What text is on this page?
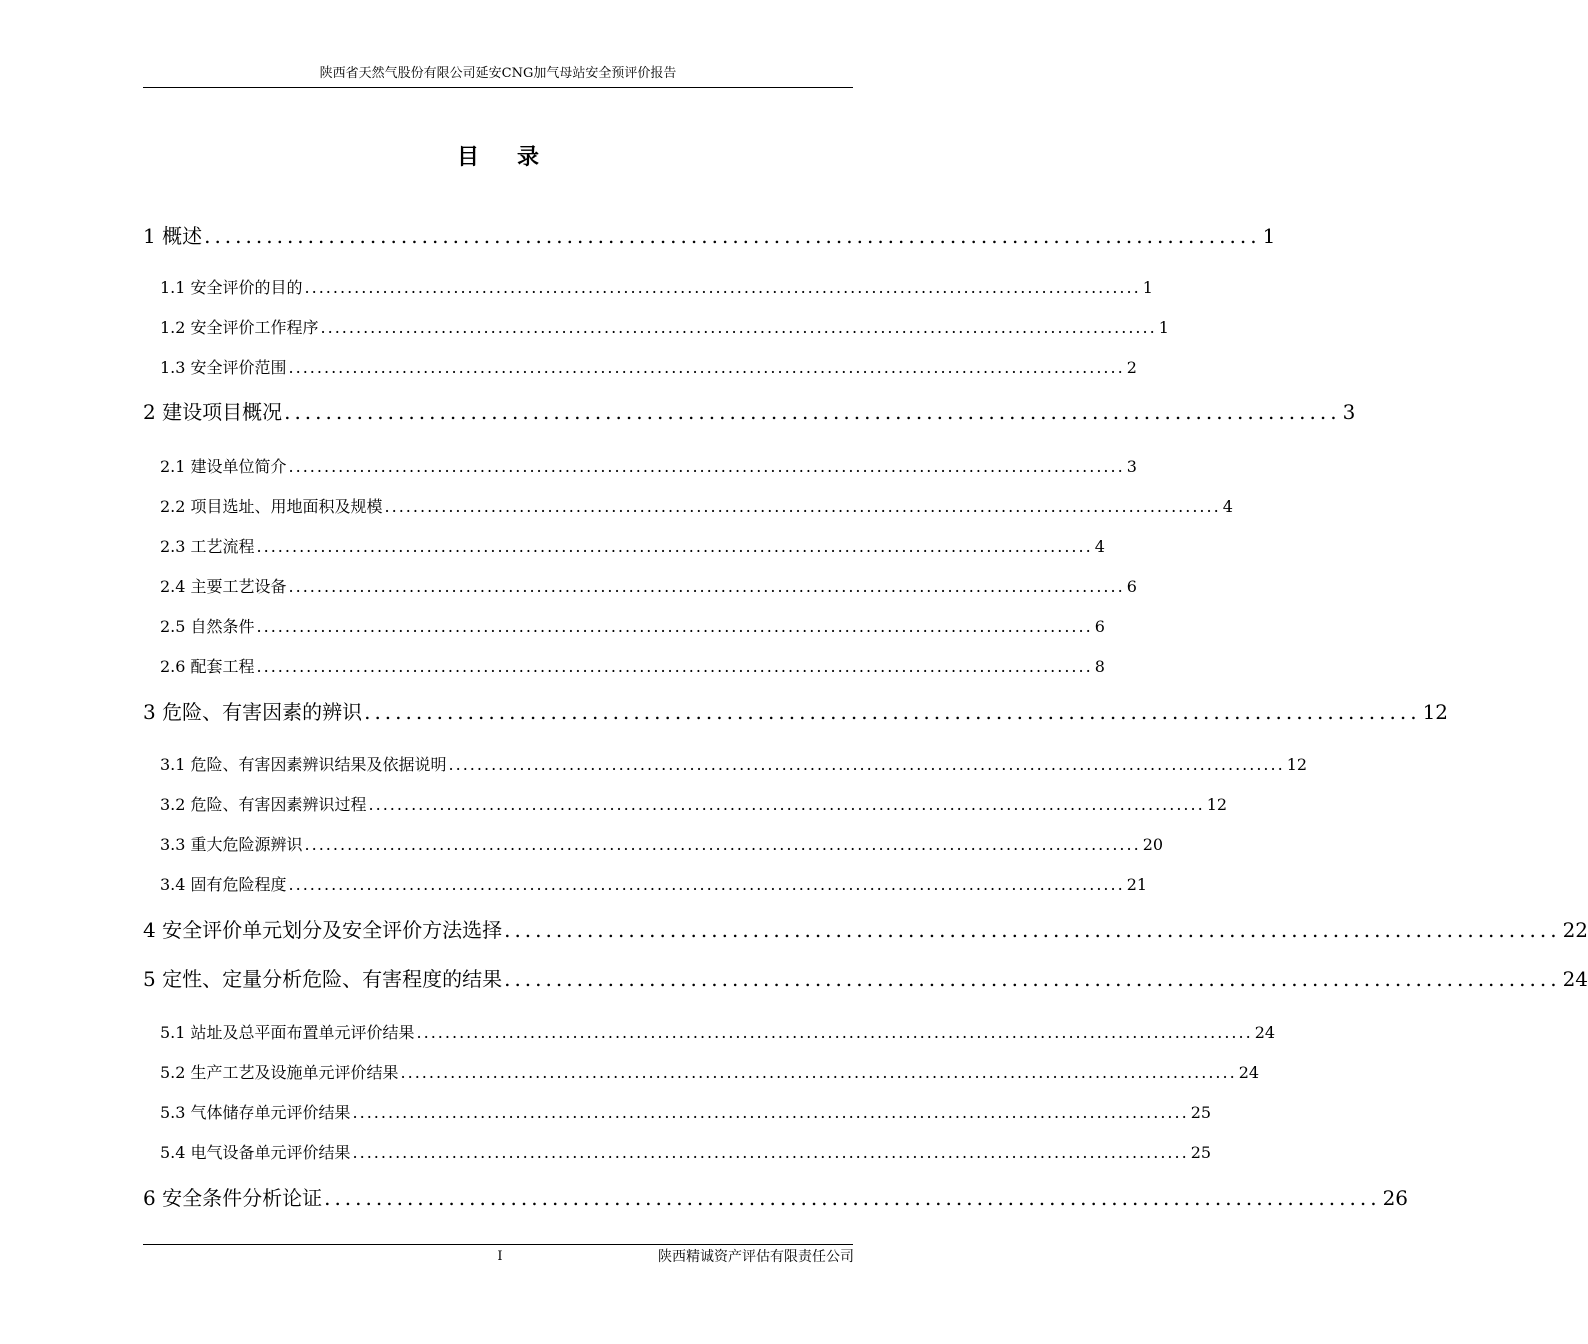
陕西省天然气股份有限公司延安CNG加气母站安全预评价报告
目录
1 概述 ...................................................................................................... 1
1.1 安全评价的目的 ...................................................................................................................... 1
1.2 安全评价工作程序 ...................................................................................................................... 1
1.3 安全评价范围 ...................................................................................................................... 2
2 建设项目概况 ...................................................................................................... 3
2.1 建设单位简介 ...................................................................................................................... 3
2.2 项目选址、用地面积及规模 ...................................................................................................................... 4
2.3 工艺流程 ...................................................................................................................... 4
2.4 主要工艺设备 ...................................................................................................................... 6
2.5 自然条件 ...................................................................................................................... 6
2.6 配套工程 ...................................................................................................................... 8
3 危险、有害因素的辨识 ...................................................................................................... 12
3.1 危险、有害因素辨识结果及依据说明 ...................................................................................................................... 12
3.2 危险、有害因素辨识过程 ...................................................................................................................... 12
3.3 重大危险源辨识 ...................................................................................................................... 20
3.4 固有危险程度 ...................................................................................................................... 21
4 安全评价单元划分及安全评价方法选择 ...................................................................................................... 22
5 定性、定量分析危险、有害程度的结果 ...................................................................................................... 24
5.1 站址及总平面布置单元评价结果 ...................................................................................................................... 24
5.2 生产工艺及设施单元评价结果 ...................................................................................................................... 24
5.3 气体储存单元评价结果 ...................................................................................................................... 25
5.4 电气设备单元评价结果 ...................................................................................................................... 25
6 安全条件分析论证 ...................................................................................................... 26
I	陕西精诚资产评估有限责任公司
